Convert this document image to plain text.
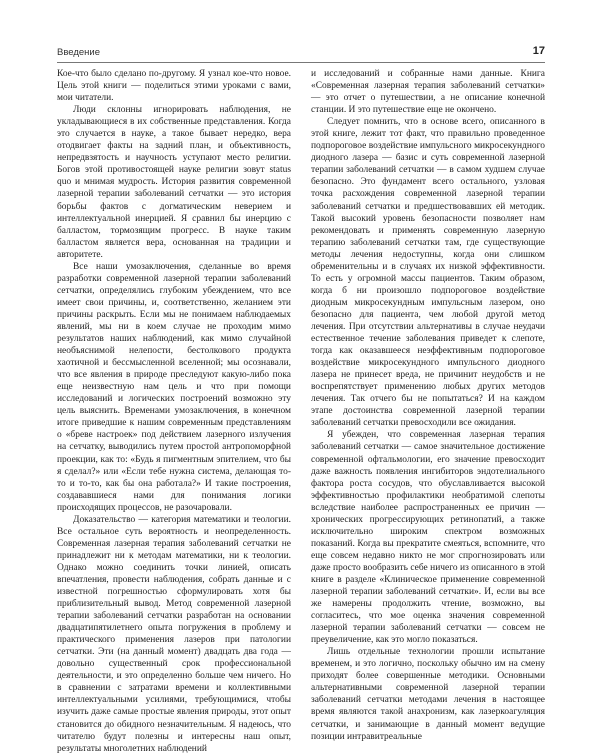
Введение	17

Кое-что было сделано по-другому. Я узнал кое-что новое. Цель этой книги — поделиться этими уроками с вами, мои читатели.

Люди склонны игнорировать наблюдения, не укладывающиеся в их собственные представления. Когда это случается в науке, а такое бывает нередко, вера отодвигает факты на задний план, и объективность, непредвзятость и научность уступают место религии. Богов этой противостоящей науке религии зовут status quo и мнимая мудрость. История развития современной лазерной терапии заболеваний сетчатки — это история борьбы фактов с догматическим неверием и интеллектуальной инерцией. Я сравнил бы инерцию с балластом, тормозящим прогресс. В науке таким балластом является вера, основанная на традиции и авторитете.

Все наши умозаключения, сделанные во время разработки современной лазерной терапии заболеваний сетчатки, определялись глубоким убеждением, что все имеет свои причины, и, соответственно, желанием эти причины раскрыть. Если мы не понимаем наблюдаемых явлений, мы ни в коем случае не проходим мимо результатов наших наблюдений, как мимо случайной необъяснимой нелепости, бестолкового продукта хаотичной и бессмысленной вселенной; мы осознавали, что все явления в природе преследуют какую-либо пока еще неизвестную нам цель и что при помощи исследований и логических построений возможно эту цель выяснить. Временами умозаключения, в конечном итоге приведшие к нашим современным представлениям о «бреве настроек» под действием лазерного излучения на сетчатку, выводились путем простой антропоморфной проекции, как то: «Будь я пигментным эпителием, что бы я сделал?» или «Если тебе нужна система, делающая то-то и то-то, как бы она работала?» И такие построения, создававшиеся нами для понимания логики происходящих процессов, не разочаровали.

Доказательство — категория математики и теологии. Все остальное суть вероятность и неопределенность. Современная лазерная терапия заболеваний сетчатки не принадлежит ни к методам математики, ни к теологии. Однако можно соединить точки линией, описать впечатления, провести наблюдения, собрать данные и с известной погрешностью сформулировать хотя бы приблизительный вывод. Метод современной лазерной терапии заболеваний сетчатки разработан на основании двадцатипятилетнего опыта погружения в проблему и практического применения лазеров при патологии сетчатки. Эти (на данный момент) двадцать два года — довольно существенный срок профессиональной деятельности, и это определенно больше чем ничего. Но в сравнении с затратами времени и коллективными интеллектуальными усилиями, требующимися, чтобы изучить даже самые простые явления природы, этот опыт становится до обидного незначительным. Я надеюсь, что читателю будут полезны и интересны наш опыт, результаты многолетних наблюдений

и исследований и собранные нами данные. Книга «Современная лазерная терапия заболеваний сетчатки» — это отчет о путешествии, а не описание конечной станции. И это путешествие еще не окончено.

Следует помнить, что в основе всего, описанного в этой книге, лежит тот факт, что правильно проведенное подпороговое воздействие импульсного микросекундного диодного лазера — базис и суть современной лазерной терапии заболеваний сетчатки — в самом худшем случае безопасно. Это фундамент всего остального, узловая точка расхождения современной лазерной терапии заболеваний сетчатки и предшествовавших ей методик. Такой высокий уровень безопасности позволяет нам рекомендовать и применять современную лазерную терапию заболеваний сетчатки там, где существующие методы лечения недоступны, когда они слишком обременительны и в случаях их низкой эффективности. То есть у огромной массы пациентов. Таким образом, когда б ни произошло подпороговое воздействие диодным микросекундным импульсным лазером, оно безопасно для пациента, чем любой другой метод лечения. При отсутствии альтернативы в случае неудачи естественное течение заболевания приведет к слепоте, тогда как оказавшееся неэффективным подпороговое воздействие микросекундного импульсного диодного лазера не принесет вреда, не причинит неудобств и не воспрепятствует применению любых других методов лечения. Так отчего бы не попытаться? И на каждом этапе достоинства современной лазерной терапии заболеваний сетчатки превосходили все ожидания.

Я убежден, что современная лазерная терапия заболеваний сетчатки — самое значительное достижение современной офтальмологии, его значение превосходит даже важность появления ингибиторов эндотелиального фактора роста сосудов, что обуславливается высокой эффективностью профилактики необратимой слепоты вследствие наиболее распространенных ее причин — хронических прогрессирующих ретинопатий, а также исключительно широким спектром возможных показаний. Когда вы прекратите смеяться, вспомните, что еще совсем недавно никто не мог спрогнозировать или даже просто вообразить себе ничего из описанного в этой книге в разделе «Клиническое применение современной лазерной терапии заболеваний сетчатки». И, если вы все же намерены продолжить чтение, возможно, вы согласитесь, что мое оценка значения современной лазерной терапии заболеваний сетчатки — совсем не преувеличение, как это могло показаться.

Лишь отдельные технологии прошли испытание временем, и это логично, поскольку обычно им на смену приходят более совершенные методики. Основными альтернативными современной лазерной терапии заболеваний сетчатки методами лечения в настоящее время являются такой анахронизм, как лазеркоагуляция сетчатки, и занимающие в данный момент ведущие позиции интравитреальные
